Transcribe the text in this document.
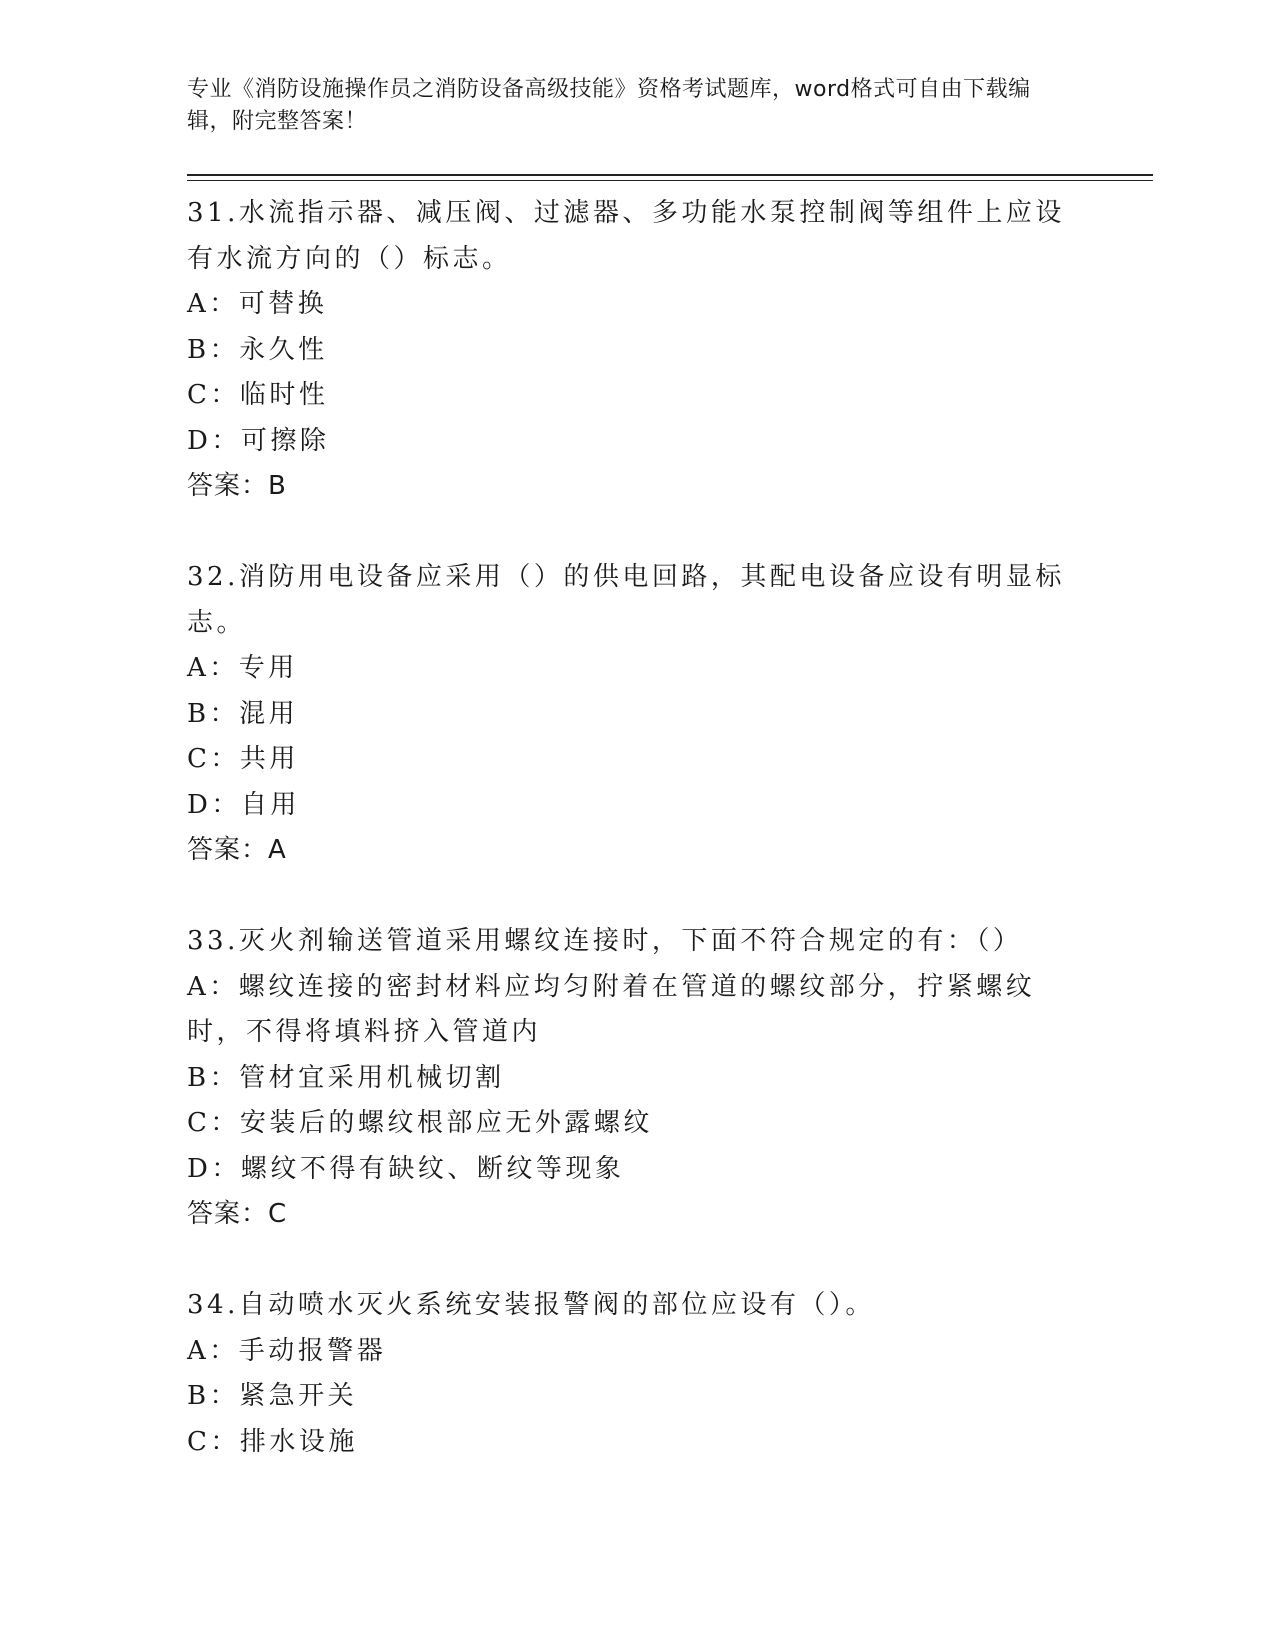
专业《消防设施操作员之消防设备高级技能》资格考试题库，word格式可自由下载编辑，附完整答案！
31.水流指示器、减压阀、过滤器、多功能水泵控制阀等组件上应设有水流方向的（）标志。
A：可替换
B：永久性
C：临时性
D：可擦除
答案：B
32.消防用电设备应采用（）的供电回路，其配电设备应设有明显标志。
A：专用
B：混用
C：共用
D：自用
答案：A
33.灭火剂输送管道采用螺纹连接时，下面不符合规定的有：（）
A：螺纹连接的密封材料应均匀附着在管道的螺纹部分，拧紧螺纹时，不得将填料挤入管道内
B：管材宜采用机械切割
C：安装后的螺纹根部应无外露螺纹
D：螺纹不得有缺纹、断纹等现象
答案：C
34.自动喷水灭火系统安装报警阀的部位应设有（）。
A：手动报警器
B：紧急开关
C：排水设施
